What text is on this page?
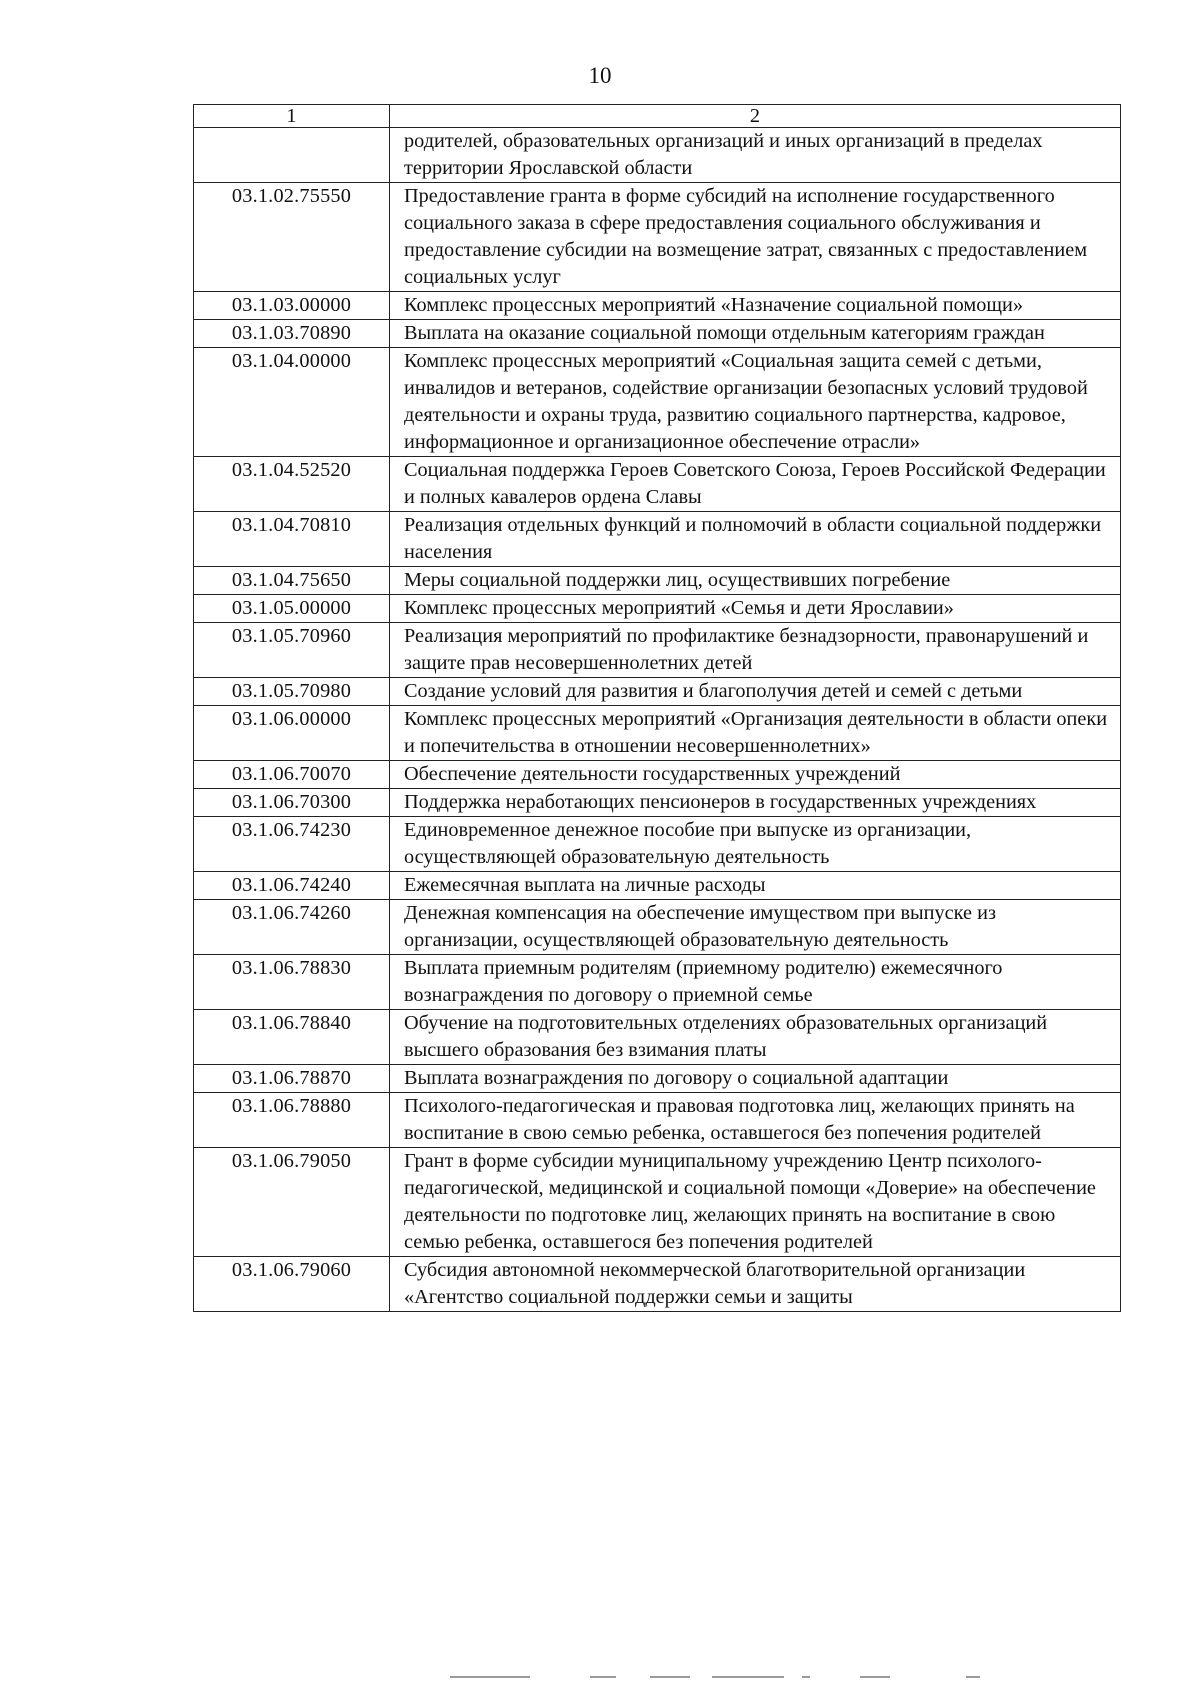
10
1	2
	родителей, образовательных организаций и иных организаций в пределах территории Ярославской области
03.1.02.75550	Предоставление гранта в форме субсидий на исполнение государственного социального заказа в сфере предоставления социального обслуживания и предоставление субсидии на возмещение затрат, связанных с предоставлением социальных услуг
03.1.03.00000	Комплекс процессных мероприятий «Назначение социальной помощи»
03.1.03.70890	Выплата на оказание социальной помощи отдельным категориям граждан
03.1.04.00000	Комплекс процессных мероприятий «Социальная защита семей с детьми, инвалидов и ветеранов, содействие организации безопасных условий трудовой деятельности и охраны труда, развитию социального партнерства, кадровое, информационное и организационное обеспечение отрасли»
03.1.04.52520	Социальная поддержка Героев Советского Союза, Героев Российской Федерации и полных кавалеров ордена Славы
03.1.04.70810	Реализация отдельных функций и полномочий в области социальной поддержки населения
03.1.04.75650	Меры социальной поддержки лиц, осуществивших погребение
03.1.05.00000	Комплекс процессных мероприятий «Семья и дети Ярославии»
03.1.05.70960	Реализация мероприятий по профилактике безнадзорности, правонарушений и защите прав несовершеннолетних детей
03.1.05.70980	Создание условий для развития и благополучия детей и семей с детьми
03.1.06.00000	Комплекс процессных мероприятий «Организация деятельности в области опеки и попечительства в отношении несовершеннолетних»
03.1.06.70070	Обеспечение деятельности государственных учреждений
03.1.06.70300	Поддержка неработающих пенсионеров в государственных учреждениях
03.1.06.74230	Единовременное денежное пособие при выпуске из организации, осуществляющей образовательную деятельность
03.1.06.74240	Ежемесячная выплата на личные расходы
03.1.06.74260	Денежная компенсация на обеспечение имуществом при выпуске из организации, осуществляющей образовательную деятельность
03.1.06.78830	Выплата приемным родителям (приемному родителю) ежемесячного вознаграждения по договору о приемной семье
03.1.06.78840	Обучение на подготовительных отделениях образовательных организаций высшего образования без взимания платы
03.1.06.78870	Выплата вознаграждения по договору о социальной адаптации
03.1.06.78880	Психолого-педагогическая и правовая подготовка лиц, желающих принять на воспитание в свою семью ребенка, оставшегося без попечения родителей
03.1.06.79050	Грант в форме субсидии муниципальному учреждению Центр психолого-педагогической, медицинской и социальной помощи «Доверие» на обеспечение деятельности по подготовке лиц, желающих принять на воспитание в свою семью ребенка, оставшегося без попечения родителей
03.1.06.79060	Субсидия автономной некоммерческой благотворительной организации «Агентство социальной поддержки семьи и защиты
